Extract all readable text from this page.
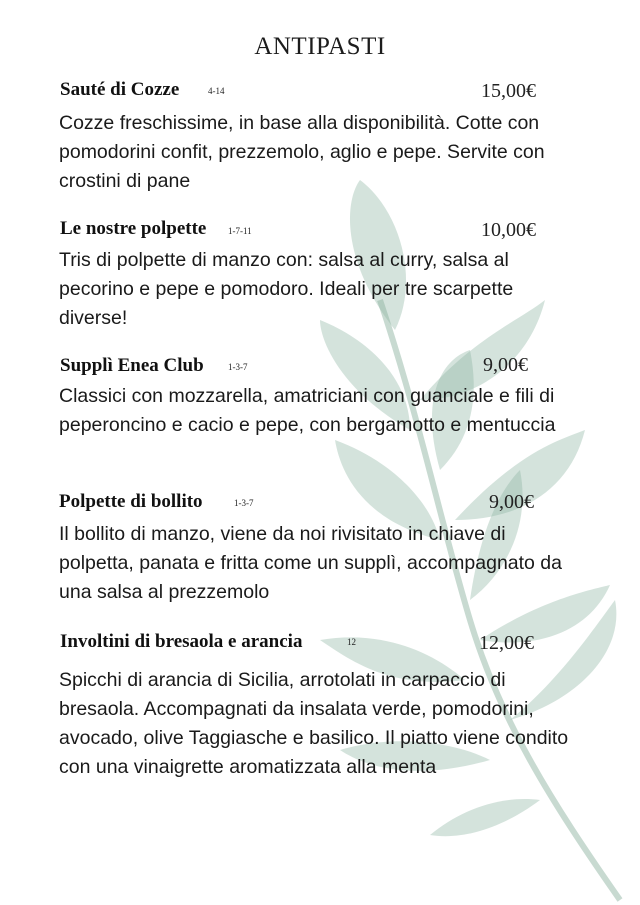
ANTIPASTI
Sauté di Cozze	4-14	15,00€

Cozze freschissime, in base alla disponibilità. Cotte con pomodorini confit, prezzemolo, aglio e pepe. Servite con crostini di pane

Le nostre polpette 1-7-11	10,00€

Tris di polpette di manzo con: salsa al curry, salsa al pecorino e pepe e pomodoro. Ideali per tre scarpette diverse!

Supplì Enea Club	1-3-7	9,00€

Classici con mozzarella, amatriciani con guanciale e fili di peperoncino e cacio e pepe, con bergamotto e mentuccia

Polpette di bollito	1-3-7	9,00€

Il bollito di manzo, viene da noi rivisitato in chiave di polpetta, panata e fritta come un supplì, accompagnato da una salsa al prezzemolo

Involtini di bresaola e arancia	12	12,00€

Spicchi di arancia di Sicilia, arrotolati in carpaccio di bresaola. Accompagnati da insalata verde, pomodorini, avocado, olive Taggiasche e basilico. Il piatto viene condito con una vinaigrette aromatizzata alla menta
